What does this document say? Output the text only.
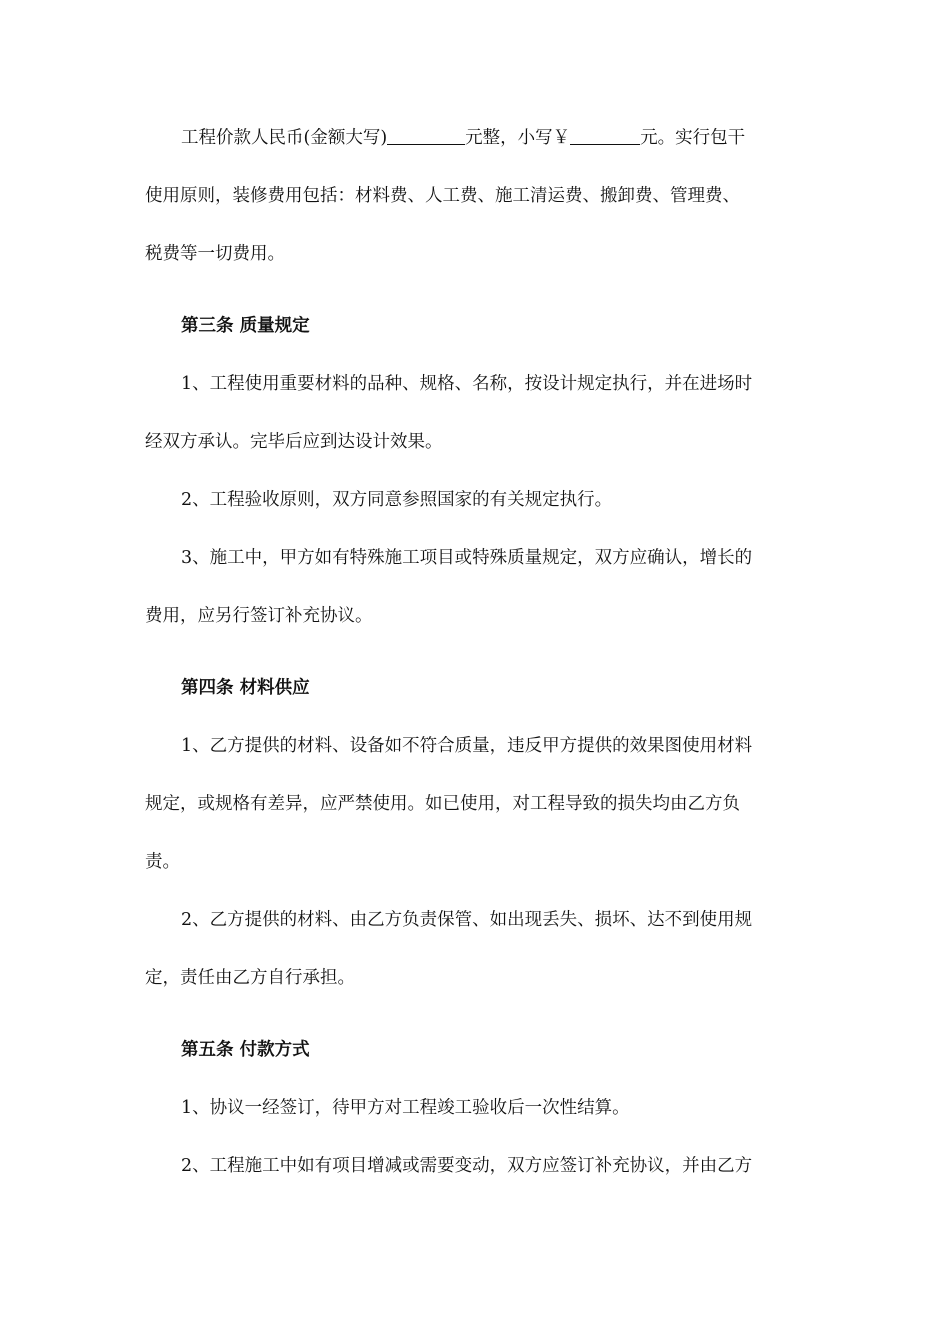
工程价款人民币(金额大写)	元整，小写￥	元。实行包干
使用原则，装修费用包括：材料费、人工费、施工清运费、搬卸费、管理费、
税费等一切费用。
第三条 质量规定
1、工程使用重要材料的品种、规格、名称，按设计规定执行，并在进场时
经双方承认。完毕后应到达设计效果。
2、工程验收原则，双方同意参照国家的有关规定执行。
3、施工中，甲方如有特殊施工项目或特殊质量规定，双方应确认，增长的
费用，应另行签订补充协议。
第四条 材料供应
1、乙方提供的材料、设备如不符合质量，违反甲方提供的效果图使用材料
规定，或规格有差异，应严禁使用。如已使用，对工程导致的损失均由乙方负
责。
2、乙方提供的材料、由乙方负责保管、如出现丢失、损坏、达不到使用规
定，责任由乙方自行承担。
第五条 付款方式
1、协议一经签订，待甲方对工程竣工验收后一次性结算。
2、工程施工中如有项目增减或需要变动，双方应签订补充协议，并由乙方
